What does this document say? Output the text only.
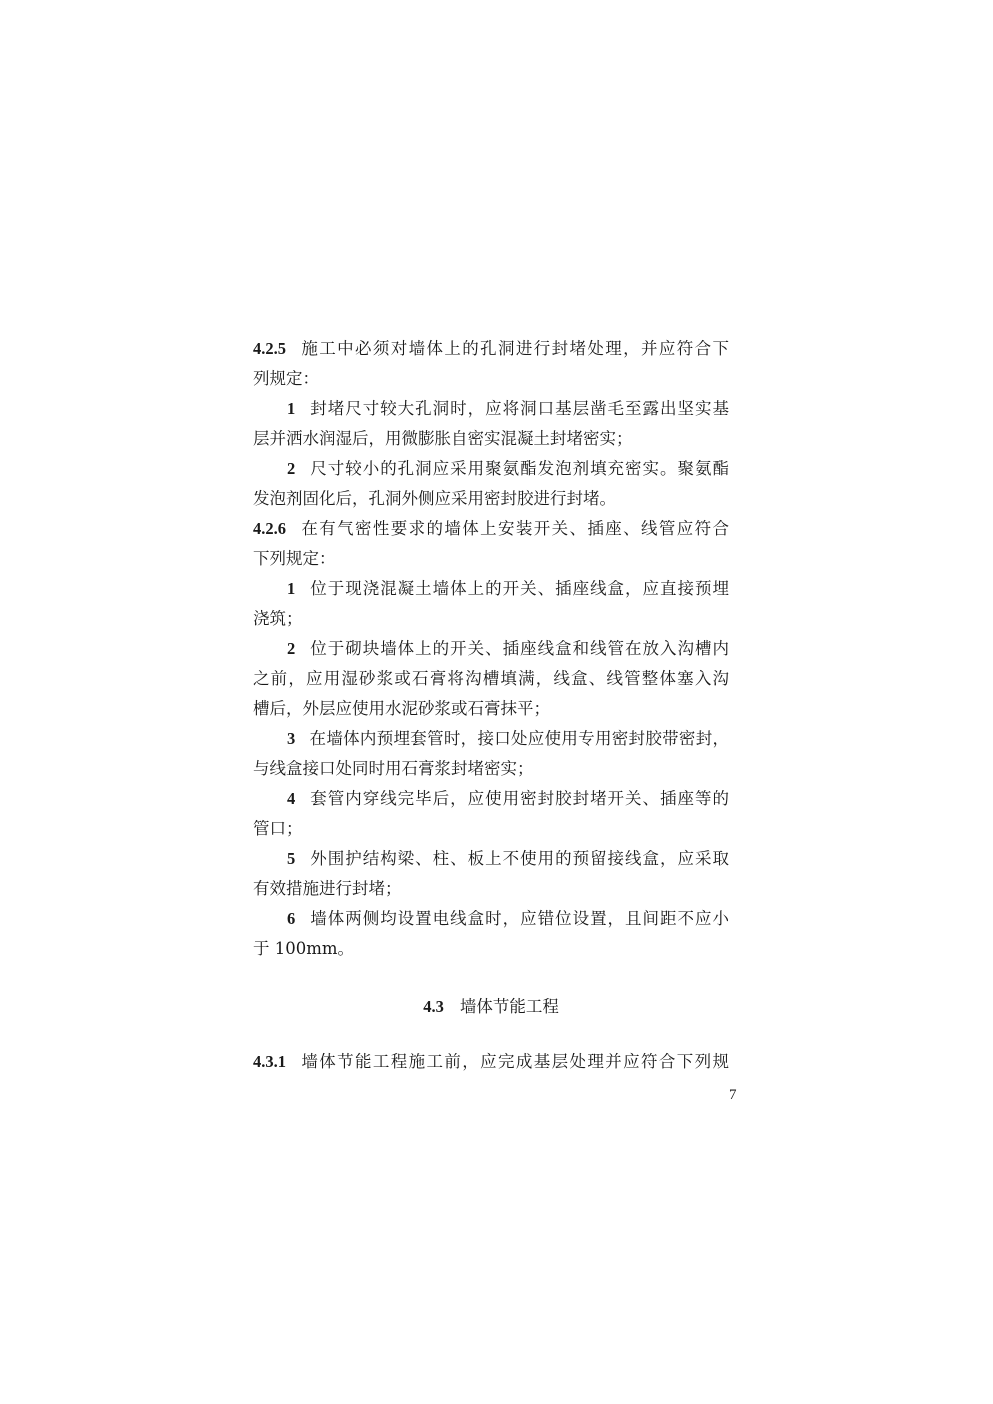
4.2.5 施工中必须对墙体上的孔洞进行封堵处理，并应符合下
列规定：
1 封堵尺寸较大孔洞时，应将洞口基层凿毛至露出坚实基
层并洒水润湿后，用微膨胀自密实混凝土封堵密实；
2 尺寸较小的孔洞应采用聚氨酯发泡剂填充密实。聚氨酯
发泡剂固化后，孔洞外侧应采用密封胶进行封堵。
4.2.6 在有气密性要求的墙体上安装开关、插座、线管应符合
下列规定：
1 位于现浇混凝土墙体上的开关、插座线盒，应直接预埋
浇筑；
2 位于砌块墙体上的开关、插座线盒和线管在放入沟槽内
之前，应用湿砂浆或石膏将沟槽填满，线盒、线管整体塞入沟
槽后，外层应使用水泥砂浆或石膏抹平；
3 在墙体内预埋套管时，接口处应使用专用密封胶带密封，
与线盒接口处同时用石膏浆封堵密实；
4 套管内穿线完毕后，应使用密封胶封堵开关、插座等的
管口；
5 外围护结构梁、柱、板上不使用的预留接线盒，应采取
有效措施进行封堵；
6 墙体两侧均设置电线盒时，应错位设置，且间距不应小
于 100mm。
4.3 墙体节能工程
4.3.1 墙体节能工程施工前，应完成基层处理并应符合下列规
7
